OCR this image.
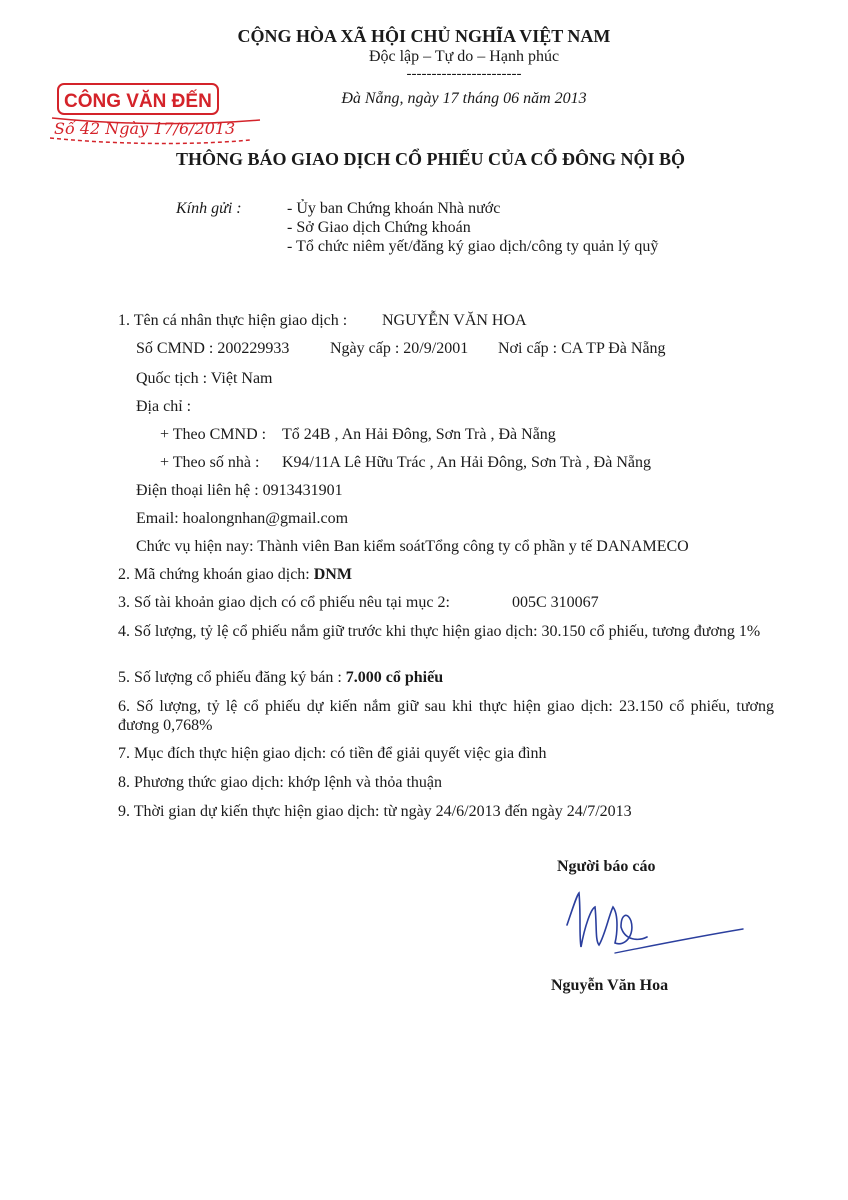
CỘNG HÒA XÃ HỘI CHỦ NGHĨA VIỆT NAM
Độc lập – Tự do – Hạnh phúc
-----------------------
Đà Nẵng, ngày 17 tháng 06 năm 2013
CÔNG VĂN ĐẾN
Số 42 Ngày 17/6/2013
THÔNG BÁO GIAO DỊCH CỔ PHIẾU CỦA CỔ ĐÔNG NỘI BỘ
Kính gửi :	- Ủy ban Chứng khoán Nhà nước
- Sở Giao dịch Chứng khoán
- Tổ chức niêm yết/đăng ký giao dịch/công ty quản lý quỹ
1. Tên cá nhân thực hiện giao dịch : NGUYỄN VĂN HOA
Số CMND : 200229933	Ngày cấp : 20/9/2001 Nơi cấp : CA TP Đà Nẵng
Quốc tịch : Việt Nam
Địa chỉ :
+ Theo CMND : Tổ 24B , An Hải Đông, Sơn Trà , Đà Nẵng
+ Theo số nhà : K94/11A Lê Hữu Trác , An Hải Đông, Sơn Trà , Đà Nẵng
Điện thoại liên hệ : 0913431901
Email: hoalongnhan@gmail.com
Chức vụ hiện nay: Thành viên Ban kiểm soátTổng công ty cổ phần y tế DANAMECO
2. Mã chứng khoán giao dịch: DNM
3. Số tài khoản giao dịch có cổ phiếu nêu tại mục 2:	005C 310067
4. Số lượng, tỷ lệ cổ phiếu nắm giữ trước khi thực hiện giao dịch: 30.150 cổ phiếu, tương đương 1%
5. Số lượng cổ phiếu đăng ký bán : 7.000 cổ phiếu
6. Số lượng, tỷ lệ cổ phiếu dự kiến nắm giữ sau khi thực hiện giao dịch: 23.150 cổ phiếu, tương đương 0,768%
7. Mục đích thực hiện giao dịch: có tiền để giải quyết việc gia đình
8. Phương thức giao dịch: khớp lệnh và thỏa thuận
9. Thời gian dự kiến thực hiện giao dịch: từ ngày 24/6/2013 đến ngày 24/7/2013
Người báo cáo
Nguyễn Văn Hoa
